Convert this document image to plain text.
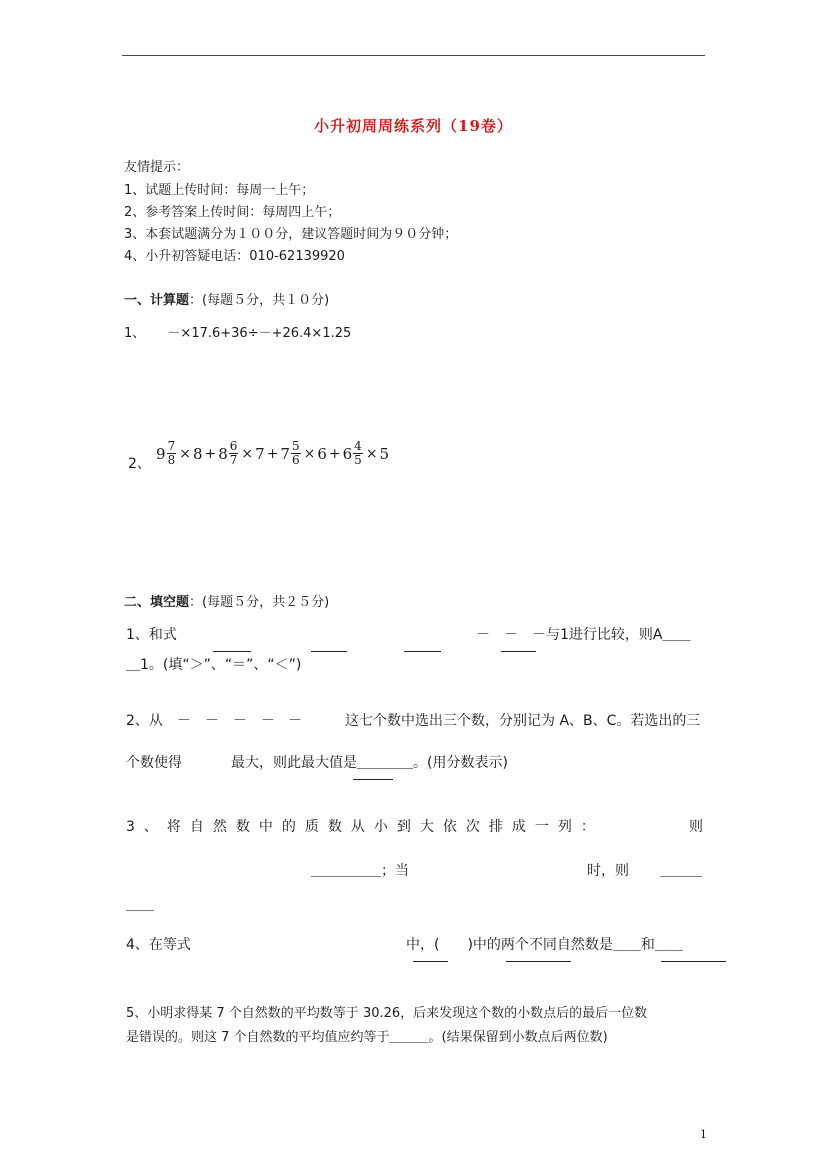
小升初周周练系列（19卷）
友情提示：
1、试题上传时间：每周一上午；
2、参考答案上传时间：每周四上午；
3、本套试题满分为１００分，建议答题时间为９０分钟；
4、小升初答疑电话：010-62139920
一、计算题：(每题５分，共１０分)
1、 －×17.6+36÷－+26.4×1.25
2、 $9 \frac{7}{8} \times 8 + 8 \frac{6}{7} \times 7 + 7 \frac{5}{6} \times 6 + 6 \frac{4}{5} \times 5$
二、填空题：(每题５分，共２５分)
1、和式
	－　－　－与1进行比较，则A＿＿
＿1。(填“＞”、“＝”、“＜”)
2、从　－　－　－　－ －	这七个数中选出三个数，分别记为 A、B、C。若选出的三
个数使得
	最大，则此最大值是＿＿＿＿。(用分数表示)
3、将自然数中的质数从小到大依次排成一列：	则
＿＿＿＿＿；当	时，则 ＿＿＿
＿＿
4、在等式
	中，(　　)中的两个不同自然数是＿＿和＿＿
5、小明求得某 7 个自然数的平均数等于 30.26，后来发现这个数的小数点后的最后一位数
是错误的。则这 7 个自然数的平均值应约等于＿＿＿。(结果保留到小数点后两位数)
1
